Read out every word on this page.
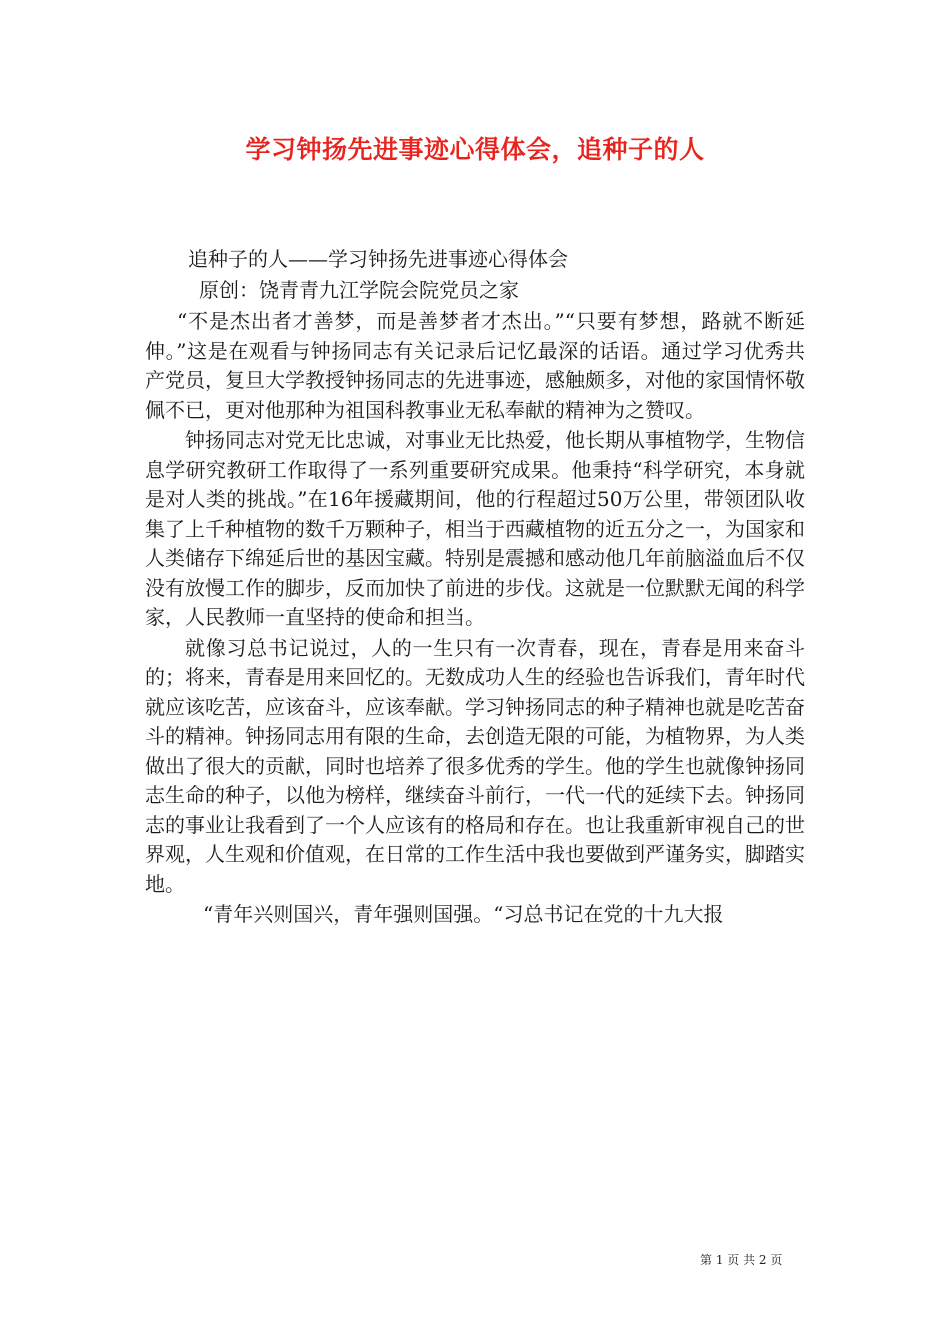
学习钟扬先进事迹心得体会，追种子的人
追种子的人——学习钟扬先进事迹心得体会
原创：饶青青九江学院会院党员之家

“不是杰出者才善梦，而是善梦者才杰出。”“只要有梦想，路就不断延伸。”这是在观看与钟扬同志有关记录后记忆最深的话语。通过学习优秀共产党员，复旦大学教授钟扬同志的先进事迹，感触颇多，对他的家国情怀敬佩不已，更对他那种为祖国科教事业无私奉献的精神为之赞叹。

钟扬同志对党无比忠诚，对事业无比热爱，他长期从事植物学，生物信息学研究教研工作取得了一系列重要研究成果。他秉持“科学研究，本身就是对人类的挑战。”在16年援藏期间，他的行程超过50万公里，带领团队收集了上千种植物的数千万颗种子，相当于西藏植物的近五分之一，为国家和人类储存下绵延后世的基因宝藏。特别是震撼和感动他几年前脑溢血后不仅没有放慢工作的脚步，反而加快了前进的步伐。这就是一位默默无闻的科学家，人民教师一直坚持的使命和担当。

就像习总书记说过，人的一生只有一次青春，现在，青春是用来奋斗的；将来，青春是用来回忆的。无数成功人生的经验也告诉我们，青年时代就应该吃苦，应该奋斗，应该奉献。学习钟扬同志的种子精神也就是吃苦奋斗的精神。钟扬同志用有限的生命，去创造无限的可能，为植物界，为人类做出了很大的贡献，同时也培养了很多优秀的学生。他的学生也就像钟扬同志生命的种子，以他为榜样，继续奋斗前行，一代一代的延续下去。钟扬同志的事业让我看到了一个人应该有的格局和存在。也让我重新审视自己的世界观，人生观和价值观，在日常的工作生活中我也要做到严谨务实，脚踏实地。

“青年兴则国兴，青年强则国强。“习总书记在党的十九大报

第 1 页 共 2 页
